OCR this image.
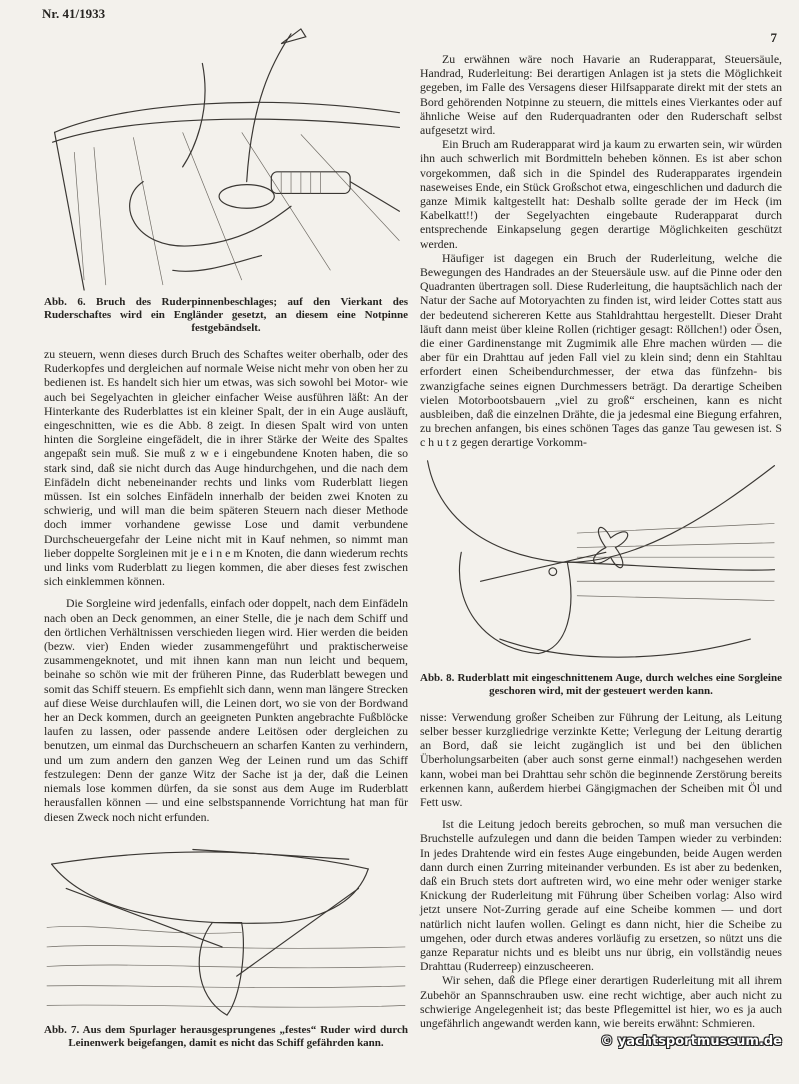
Nr. 41/1933
7
Abb. 6. Bruch des Ruderpinnenbeschlages; auf den Vierkant des Ruderschaftes wird ein Engländer gesetzt, an diesem eine Notpinne festgebändselt.

zu steuern, wenn dieses durch Bruch des Schaftes weiter oberhalb, oder des Ruderkopfes und dergleichen auf normale Weise nicht mehr von oben her zu bedienen ist. Es handelt sich hier um etwas, was sich sowohl bei Motor- wie auch bei Segelyachten in gleicher einfacher Weise ausführen läßt: An der Hinterkante des Ruderblattes ist ein kleiner Spalt, der in ein Auge ausläuft, eingeschnitten, wie es die Abb. 8 zeigt. In diesen Spalt wird von unten hinten die Sorgleine eingefädelt, die in ihrer Stärke der Weite des Spaltes angepaßt sein muß. Sie muß z w e i eingebundene Knoten haben, die so stark sind, daß sie nicht durch das Auge hindurchgehen, und die nach dem Einfädeln dicht nebeneinander rechts und links vom Ruderblatt liegen müssen. Ist ein solches Einfädeln innerhalb der beiden zwei Knoten zu schwierig, und will man die beim späteren Steuern nach dieser Methode doch immer vorhandene gewisse Lose und damit verbundene Durchscheuergefahr der Leine nicht mit in Kauf nehmen, so nimmt man lieber doppelte Sorgleinen mit je e i n e m Knoten, die dann wiederum rechts und links vom Ruderblatt zu liegen kommen, die aber dieses fest zwischen sich einklemmen können.

Die Sorgleine wird jedenfalls, einfach oder doppelt, nach dem Einfädeln nach oben an Deck genommen, an einer Stelle, die je nach dem Schiff und den örtlichen Verhältnissen verschieden liegen wird. Hier werden die beiden (bezw. vier) Enden wieder zusammengeführt und praktischerweise zusammengeknotet, und mit ihnen kann man nun leicht und bequem, beinahe so schön wie mit der früheren Pinne, das Ruderblatt bewegen und somit das Schiff steuern. Es empfiehlt sich dann, wenn man längere Strecken auf diese Weise durchlaufen will, die Leinen dort, wo sie von der Bordwand her an Deck kommen, durch an geeigneten Punkten angebrachte Fußblöcke laufen zu lassen, oder passende andere Leitösen oder dergleichen zu benutzen, um einmal das Durchscheuern an scharfen Kanten zu verhindern, und um zum andern den ganzen Weg der Leinen rund um das Schiff festzulegen: Denn der ganze Witz der Sache ist ja der, daß die Leinen niemals lose kommen dürfen, da sie sonst aus dem Auge im Ruderblatt herausfallen können — und eine selbstspannende Vorrichtung hat man für diesen Zweck noch nicht erfunden.

Abb. 7. Aus dem Spurlager herausgesprungenes „festes“ Ruder wird durch Leinenwerk beigefangen, damit es nicht das Schiff gefährden kann.

Zu erwähnen wäre noch Havarie an Ruderapparat, Steuersäule, Handrad, Ruderleitung: Bei derartigen Anlagen ist ja stets die Möglichkeit gegeben, im Falle des Versagens dieser Hilfsapparate direkt mit der stets an Bord gehörenden Notpinne zu steuern, die mittels eines Vierkantes oder auf ähnliche Weise auf den Ruderquadranten oder den Ruderschaft selbst aufgesetzt wird.

Ein Bruch am Ruderapparat wird ja kaum zu erwarten sein, wir würden ihn auch schwerlich mit Bordmitteln beheben können. Es ist aber schon vorgekommen, daß sich in die Spindel des Ruderapparates irgendein naseweises Ende, ein Stück Großschot etwa, eingeschlichen und dadurch die ganze Mimik kaltgestellt hat: Deshalb sollte gerade der im Heck (im Kabelkatt!!) der Segelyachten eingebaute Ruderapparat durch entsprechende Einkapselung gegen derartige Möglichkeiten geschützt werden.

Häufiger ist dagegen ein Bruch der Ruderleitung, welche die Bewegungen des Handrades an der Steuersäule usw. auf die Pinne oder den Quadranten übertragen soll. Diese Ruderleitung, die hauptsächlich nach der Natur der Sache auf Motoryachten zu finden ist, wird leider Cottes statt aus der bedeutend sichereren Kette aus Stahldrahttau hergestellt. Dieser Draht läuft dann meist über kleine Rollen (richtiger gesagt: Röllchen!) oder Ösen, die einer Gardinenstange mit Zugmimik alle Ehre machen würden — die aber für ein Drahttau auf jeden Fall viel zu klein sind; denn ein Stahltau erfordert einen Scheibendurchmesser, der etwa das fünfzehn- bis zwanzigfache seines eignen Durchmessers beträgt. Da derartige Scheiben vielen Motorbootsbauern „viel zu groß“ erscheinen, kann es nicht ausbleiben, daß die einzelnen Drähte, die ja jedesmal eine Biegung erfahren, zu brechen anfangen, bis eines schönen Tages das ganze Tau gewesen ist. S c h u t z gegen derartige Vorkomm-

Abb. 8. Ruderblatt mit eingeschnittenem Auge, durch welches eine Sorgleine geschoren wird, mit der gesteuert werden kann.

nisse: Verwendung großer Scheiben zur Führung der Leitung, als Leitung selber besser kurzgliedrige verzinkte Kette; Verlegung der Leitung derartig an Bord, daß sie leicht zugänglich ist und bei den üblichen Überholungsarbeiten (aber auch sonst gerne einmal!) nachgesehen werden kann, wobei man bei Drahttau sehr schön die beginnende Zerstörung bereits erkennen kann, außerdem hierbei Gängigmachen der Scheiben mit Öl und Fett usw.

Ist die Leitung jedoch bereits gebrochen, so muß man versuchen die Bruchstelle aufzulegen und dann die beiden Tampen wieder zu verbinden: In jedes Drahtende wird ein festes Auge eingebunden, beide Augen werden dann durch einen Zurring miteinander verbunden. Es ist aber zu bedenken, daß ein Bruch stets dort auftreten wird, wo eine mehr oder weniger starke Knickung der Ruderleitung mit Führung über Scheiben vorlag: Also wird jetzt unsere Not-Zurring gerade auf eine Scheibe kommen — und dort natürlich nicht laufen wollen. Gelingt es dann nicht, hier die Scheibe zu umgehen, oder durch etwas anderes vorläufig zu ersetzen, so nützt uns die ganze Reparatur nichts und es bleibt uns nur übrig, ein vollständig neues Drahttau (Ruderreep) einzuscheeren.

Wir sehen, daß die Pflege einer derartigen Ruderleitung mit all ihrem Zubehör an Spannschrauben usw. eine recht wichtige, aber auch nicht zu schwierige Angelegenheit ist; das beste Pflegemittel ist hier, wo es ja auch ungefährlich angewandt werden kann, wie bereits erwähnt: Schmieren.

© yachtsportmuseum.de
